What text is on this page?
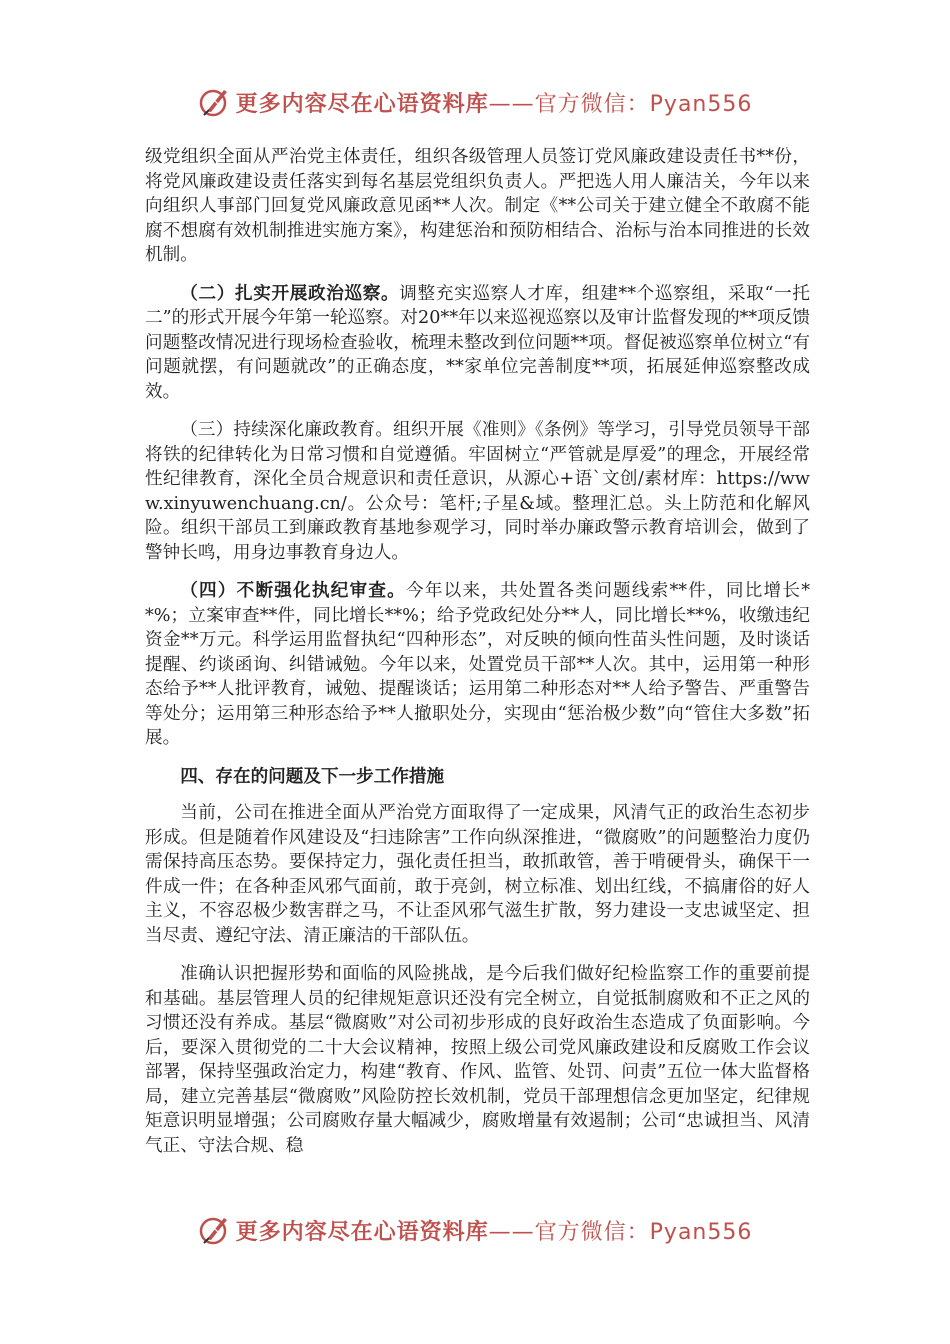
更多内容尽在心语资料库——官方微信：Pyan556

级党组织全面从严治党主体责任，组织各级管理人员签订党风廉政建设责任书**份，将党风廉政建设责任落实到每名基层党组织负责人。严把选人用人廉洁关，今年以来向组织人事部门回复党风廉政意见函**人次。制定《**公司关于建立健全不敢腐不能腐不想腐有效机制推进实施方案》，构建惩治和预防相结合、治标与治本同推进的长效机制。

（二）扎实开展政治巡察。调整充实巡察人才库，组建**个巡察组，采取“一托二”的形式开展今年第一轮巡察。对20**年以来巡视巡察以及审计监督发现的**项反馈问题整改情况进行现场检查验收，梳理未整改到位问题**项。督促被巡察单位树立“有问题就摆，有问题就改”的正确态度，**家单位完善制度**项，拓展延伸巡察整改成效。

（三）持续深化廉政教育。组织开展《准则》《条例》等学习，引导党员领导干部将铁的纪律转化为日常习惯和自觉遵循。牢固树立“严管就是厚爱”的理念，开展经常性纪律教育，深化全员合规意识和责任意识，从源心+语`文创/素材库：https://www.xinyuwenchuang.cn/。公众号：笔杆;子星&域。整理汇总。头上防范和化解风险。组织干部员工到廉政教育基地参观学习，同时举办廉政警示教育培训会，做到了警钟长鸣，用身边事教育身边人。

（四）不断强化执纪审查。今年以来，共处置各类问题线索**件，同比增长**%；立案审查**件，同比增长**%；给予党政纪处分**人，同比增长**%，收缴违纪资金**万元。科学运用监督执纪“四种形态”，对反映的倾向性苗头性问题，及时谈话提醒、约谈函询、纠错诫勉。今年以来，处置党员干部**人次。其中，运用第一种形态给予**人批评教育，诫勉、提醒谈话；运用第二种形态对**人给予警告、严重警告等处分；运用第三种形态给予**人撤职处分，实现由“惩治极少数”向“管住大多数”拓展。

四、存在的问题及下一步工作措施

当前，公司在推进全面从严治党方面取得了一定成果，风清气正的政治生态初步形成。但是随着作风建设及“扫违除害”工作向纵深推进，“微腐败”的问题整治力度仍需保持高压态势。要保持定力，强化责任担当，敢抓敢管，善于啃硬骨头，确保干一件成一件；在各种歪风邪气面前，敢于亮剑，树立标准、划出红线，不搞庸俗的好人主义，不容忍极少数害群之马，不让歪风邪气滋生扩散，努力建设一支忠诚坚定、担当尽责、遵纪守法、清正廉洁的干部队伍。

准确认识把握形势和面临的风险挑战，是今后我们做好纪检监察工作的重要前提和基础。基层管理人员的纪律规矩意识还没有完全树立，自觉抵制腐败和不正之风的习惯还没有养成。基层“微腐败”对公司初步形成的良好政治生态造成了负面影响。今后，要深入贯彻党的二十大会议精神，按照上级公司党风廉政建设和反腐败工作会议部署，保持坚强政治定力，构建“教育、作风、监管、处罚、问责”五位一体大监督格局，建立完善基层“微腐败”风险防控长效机制，党员干部理想信念更加坚定，纪律规矩意识明显增强；公司腐败存量大幅减少，腐败增量有效遏制；公司“忠诚担当、风清气正、守法合规、稳

更多内容尽在心语资料库——官方微信：Pyan556
